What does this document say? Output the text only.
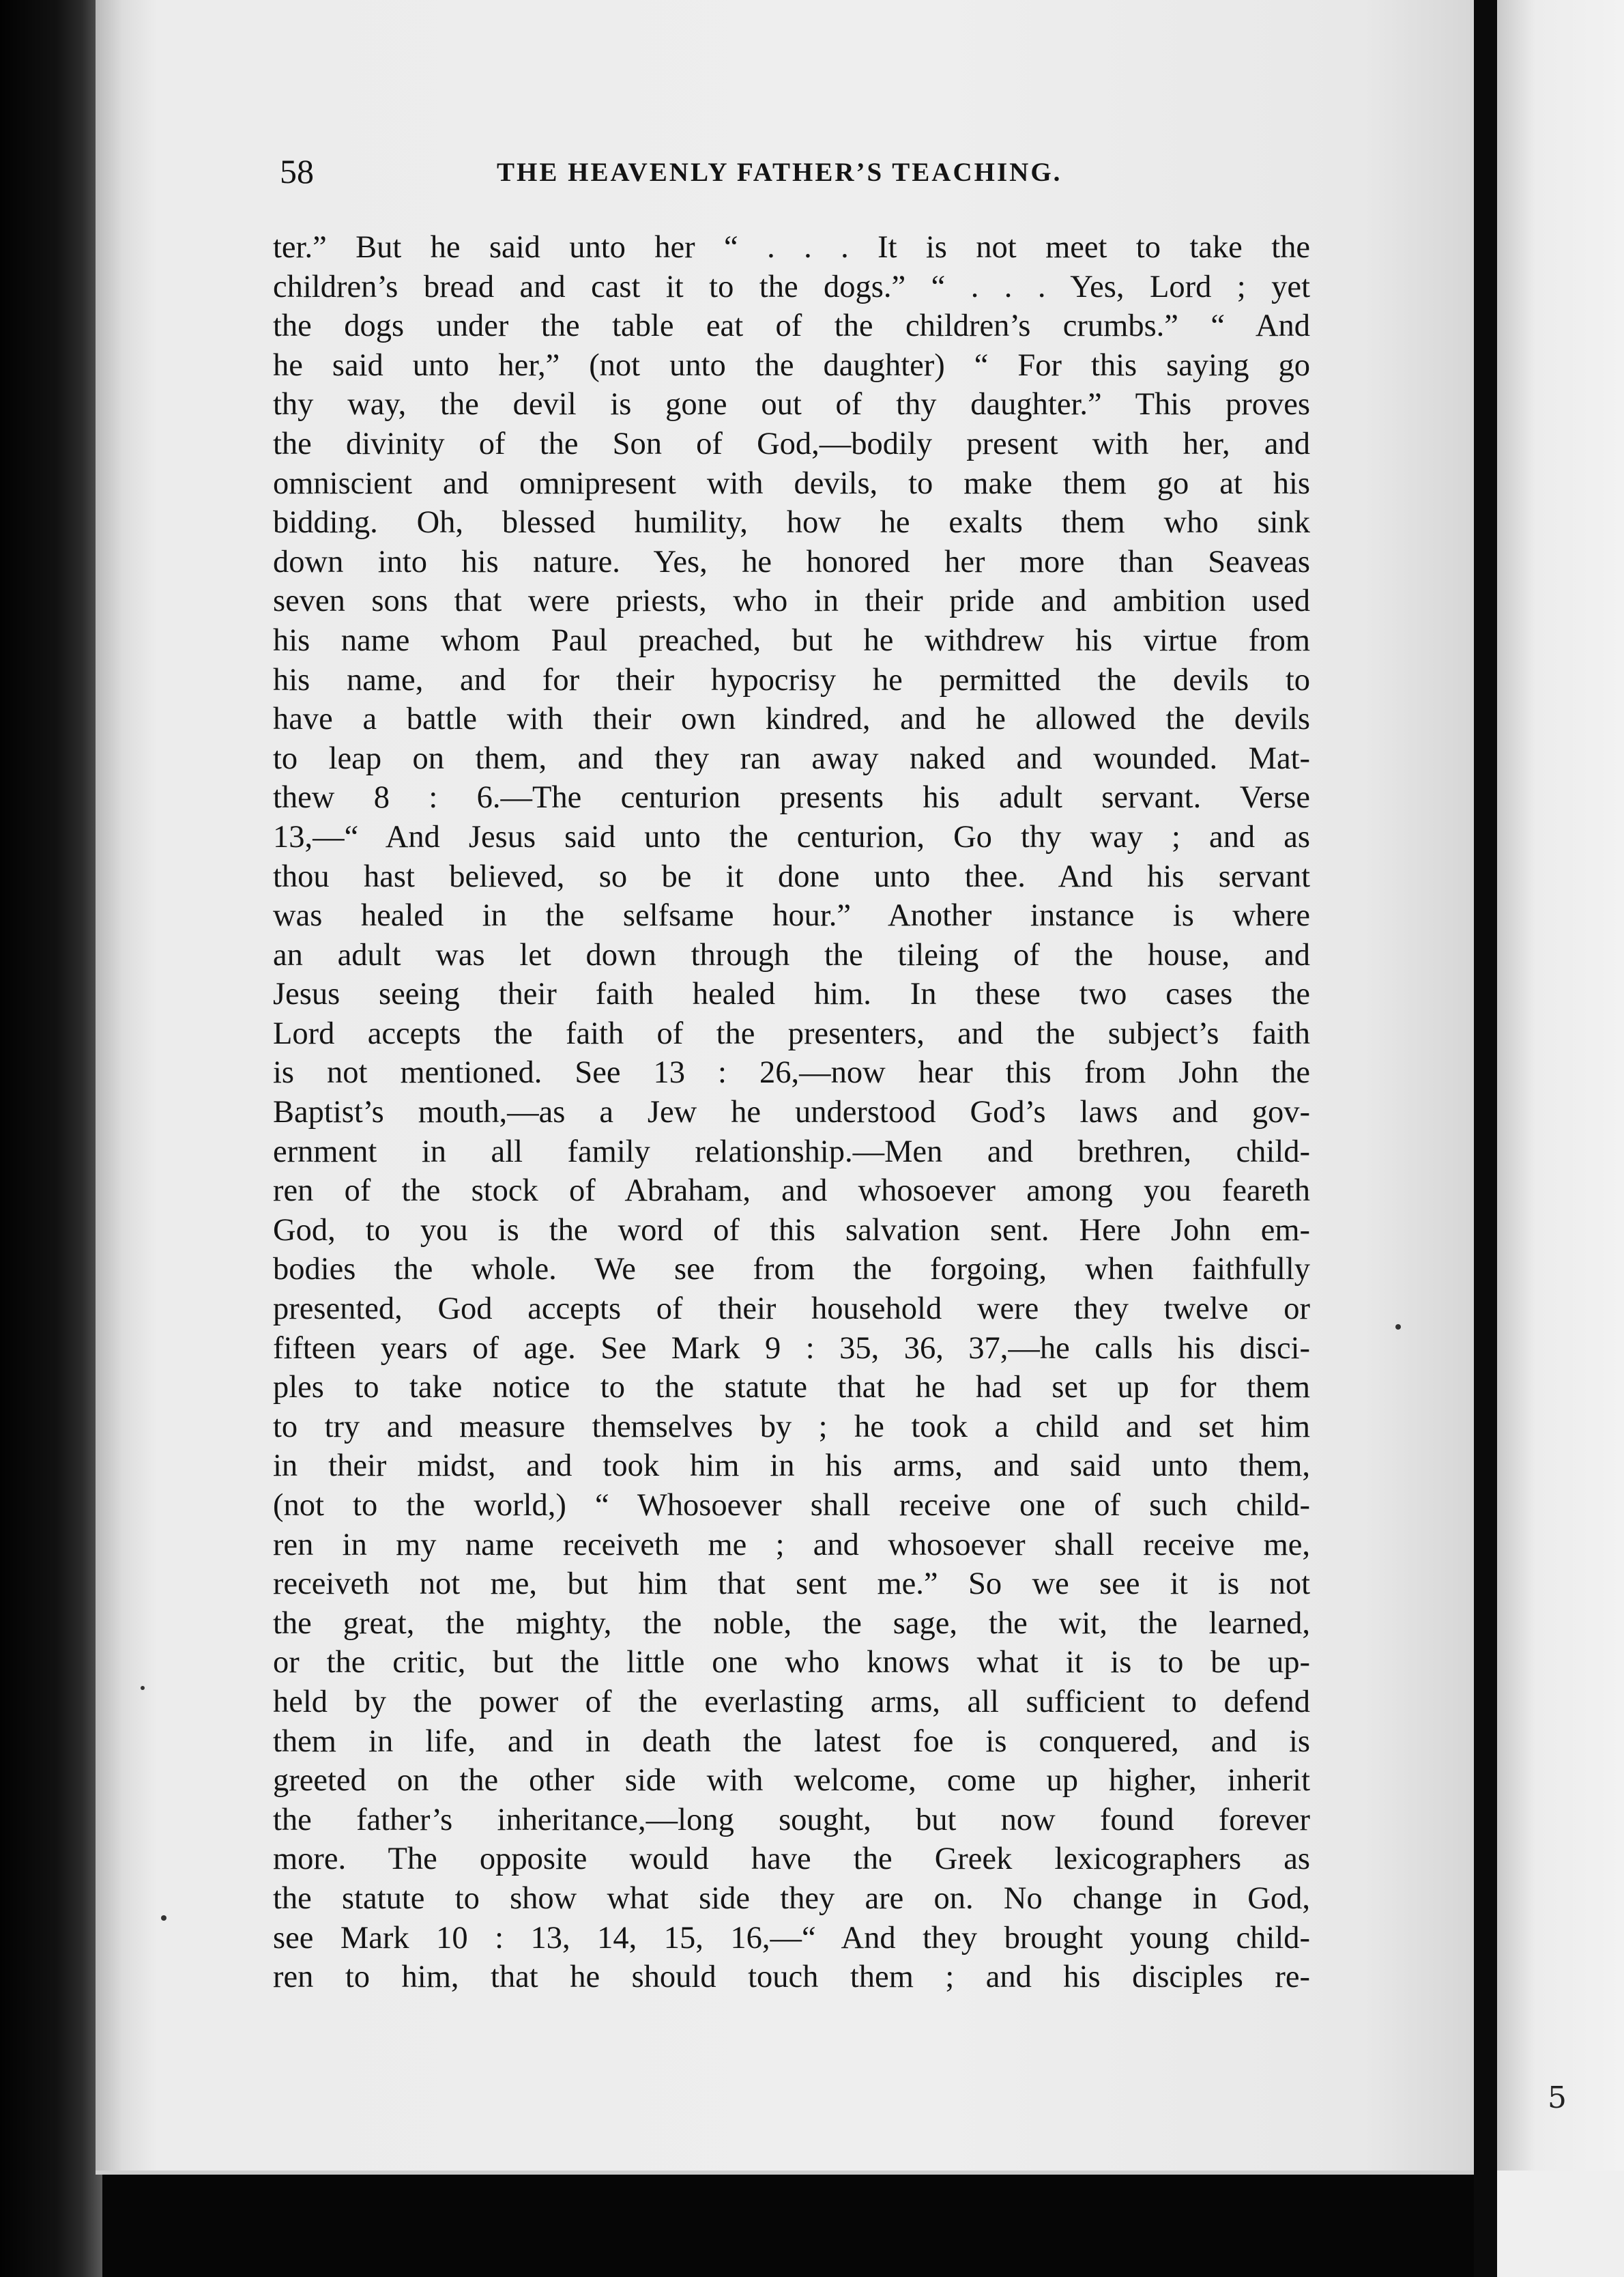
5
58	THE HEAVENLY FATHER’S TEACHING.
ter.” But he said unto her “ . . . It is not meet to take the
children’s bread and cast it to the dogs.” “ . . . Yes, Lord ; yet
the dogs under the table eat of the children’s crumbs.” “ And
he said unto her,” (not unto the daughter) “ For this saying go
thy way, the devil is gone out of thy daughter.” This proves
the divinity of the Son of God,—bodily present with her, and
omniscient and omnipresent with devils, to make them go at his
bidding. Oh, blessed humility, how he exalts them who sink
down into his nature. Yes, he honored her more than Seaveas
seven sons that were priests, who in their pride and ambition used
his name whom Paul preached, but he withdrew his virtue from
his name, and for their hypocrisy he permitted the devils to
have a battle with their own kindred, and he allowed the devils
to leap on them, and they ran away naked and wounded. Mat-
thew 8 : 6.—The centurion presents his adult servant. Verse
13,—“ And Jesus said unto the centurion, Go thy way ; and as
thou hast believed, so be it done unto thee. And his servant
was healed in the selfsame hour.” Another instance is where
an adult was let down through the tileing of the house, and
Jesus seeing their faith healed him. In these two cases the
Lord accepts the faith of the presenters, and the subject’s faith
is not mentioned. See 13 : 26,—now hear this from John the
Baptist’s mouth,—as a Jew he understood God’s laws and gov-
ernment in all family relationship.—Men and brethren, child-
ren of the stock of Abraham, and whosoever among you feareth
God, to you is the word of this salvation sent. Here John em-
bodies the whole. We see from the forgoing, when faithfully
presented, God accepts of their household were they twelve or
fifteen years of age. See Mark 9 : 35, 36, 37,—he calls his disci-
ples to take notice to the statute that he had set up for them
to try and measure themselves by ; he took a child and set him
in their midst, and took him in his arms, and said unto them,
(not to the world,) “ Whosoever shall receive one of such child-
ren in my name receiveth me ; and whosoever shall receive me,
receiveth not me, but him that sent me.” So we see it is not
the great, the mighty, the noble, the sage, the wit, the learned,
or the critic, but the little one who knows what it is to be up-
held by the power of the everlasting arms, all sufficient to defend
them in life, and in death the latest foe is conquered, and is
greeted on the other side with welcome, come up higher, inherit
the father’s inheritance,—long sought, but now found forever
more. The opposite would have the Greek lexicographers as
the statute to show what side they are on. No change in God,
see Mark 10 : 13, 14, 15, 16,—“ And they brought young child-
ren to him, that he should touch them ; and his disciples re-
